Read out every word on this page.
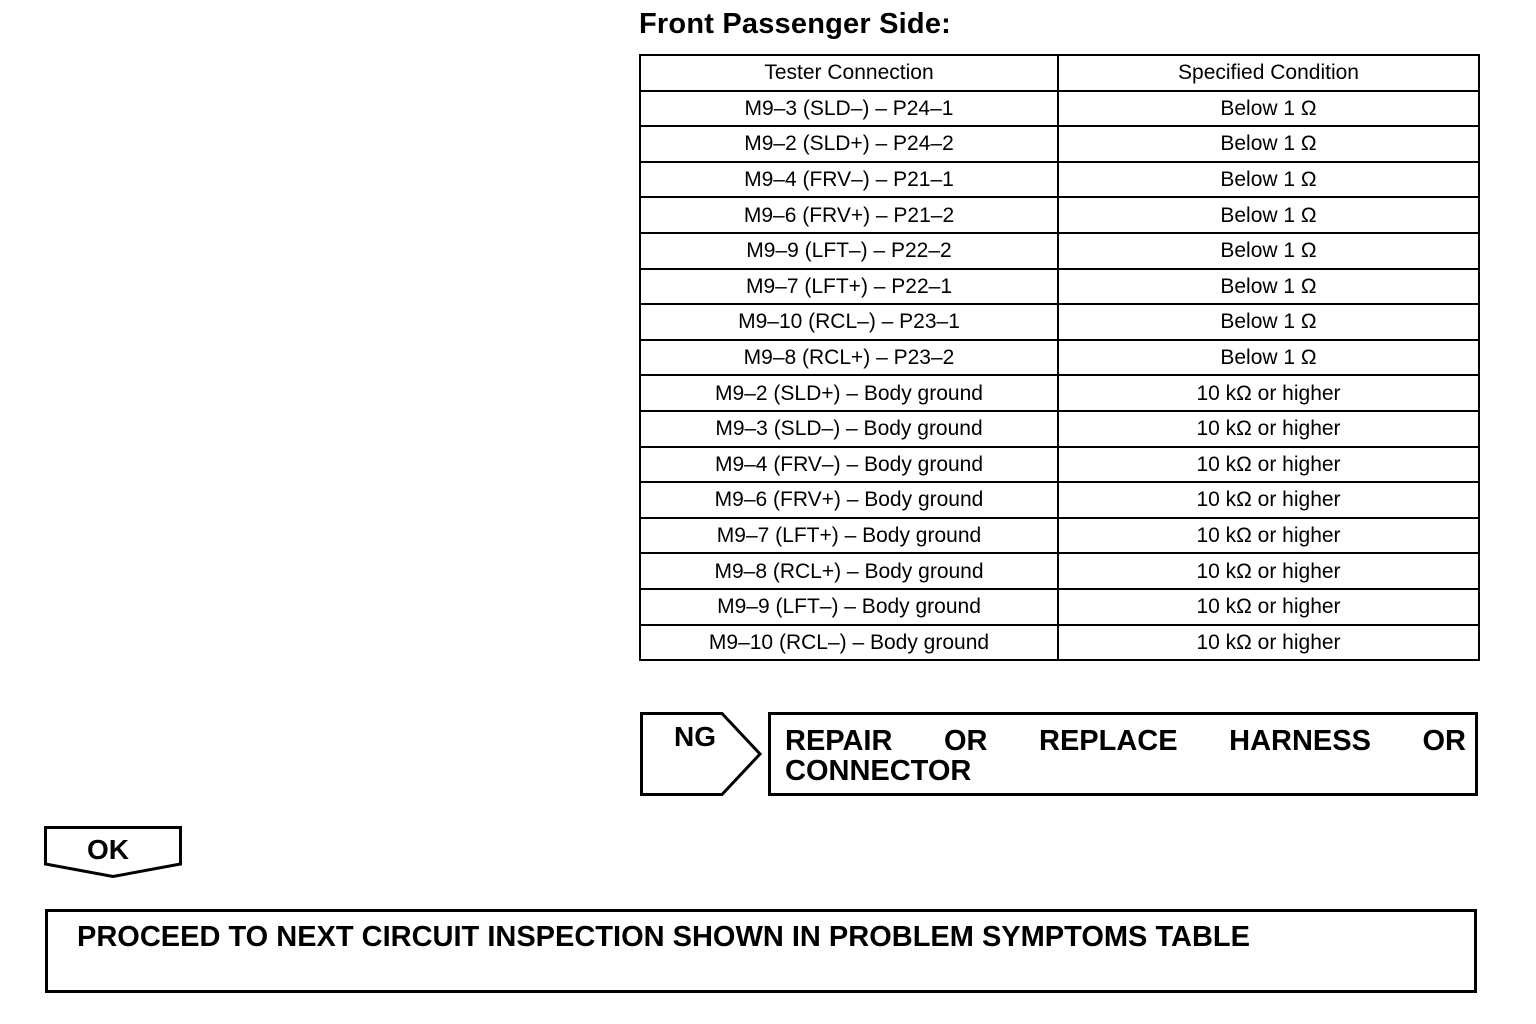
Front Passenger Side:
Tester Connection	Specified Condition
M9–3 (SLD–) – P24–1	Below 1 Ω
M9–2 (SLD+) – P24–2	Below 1 Ω
M9–4 (FRV–) – P21–1	Below 1 Ω
M9–6 (FRV+) – P21–2	Below 1 Ω
M9–9 (LFT–) – P22–2	Below 1 Ω
M9–7 (LFT+) – P22–1	Below 1 Ω
M9–10 (RCL–) – P23–1	Below 1 Ω
M9–8 (RCL+) – P23–2	Below 1 Ω
M9–2 (SLD+) – Body ground	10 kΩ or higher
M9–3 (SLD–) – Body ground	10 kΩ or higher
M9–4 (FRV–) – Body ground	10 kΩ or higher
M9–6 (FRV+) – Body ground	10 kΩ or higher
M9–7 (LFT+) – Body ground	10 kΩ or higher
M9–8 (RCL+) – Body ground	10 kΩ or higher
M9–9 (LFT–) – Body ground	10 kΩ or higher
M9–10 (RCL–) – Body ground	10 kΩ or higher
NG REPAIR OR REPLACE HARNESS OR
CONNECTOR
OK
PROCEED TO NEXT CIRCUIT INSPECTION SHOWN IN PROBLEM SYMPTOMS TABLE
